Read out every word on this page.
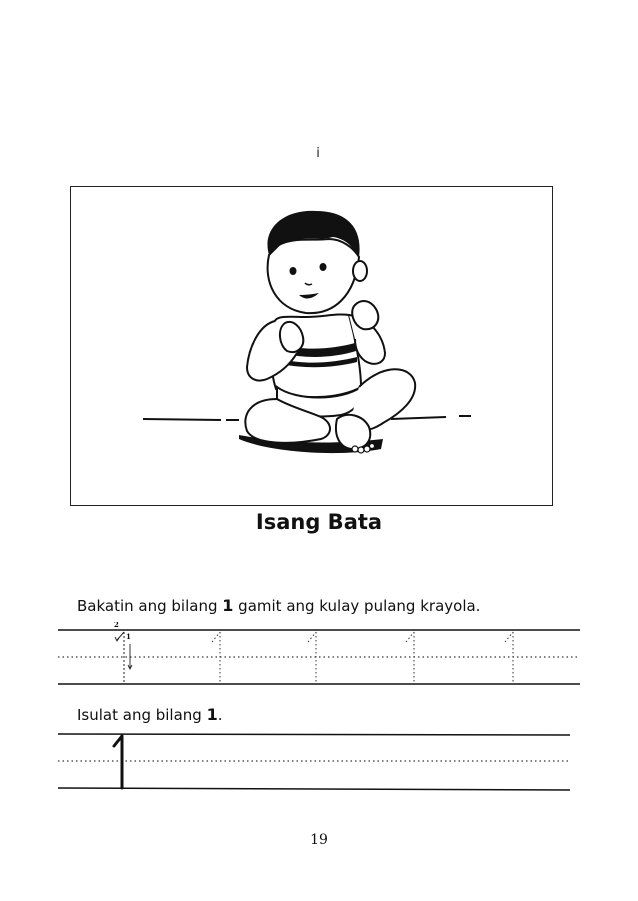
i
Isang Bata
Bakatin ang bilang 1 gamit ang kulay pulang krayola.
2
1
Isulat ang bilang 1.
19
